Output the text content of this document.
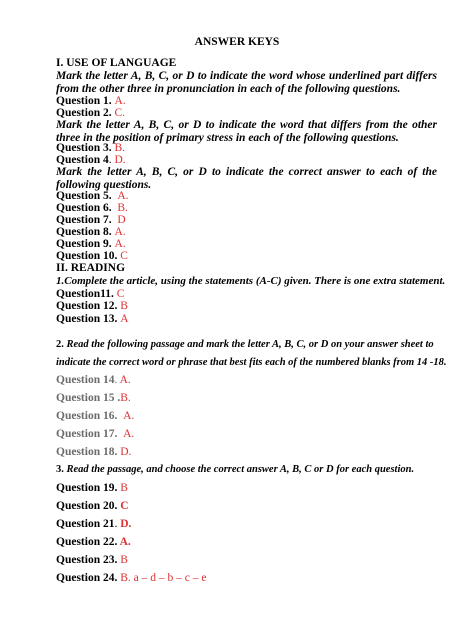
ANSWER KEYS
I. USE OF LANGUAGE
Mark the letter A, B, C, or D to indicate the word whose underlined part differs from the other three in pronunciation in each of the following questions.
Question 1. A.
Question 2. C.
Mark the letter A, B, C, or D to indicate the word that differs from the other three in the position of primary stress in each of the following questions.
Question 3. B.
Question 4. D.
Mark the letter A, B, C, or D to indicate the correct answer to each of the following questions.
Question 5. A.
Question 6. B.
Question 7. D
Question 8. A.
Question 9. A.
Question 10. C
II. READING
1.Complete the article, using the statements (A-C) given. There is one extra statement.
Question11. C
Question 12. B
Question 13. A
2. Read the following passage and mark the letter A, B, C, or D on your answer sheet to
indicate the correct word or phrase that best fits each of the numbered blanks from 14 -18.
Question 14. A.
Question 15 .B.
Question 16. A.
Question 17. A.
Question 18. D.
3. Read the passage, and choose the correct answer A, B, C or D for each question.
Question 19. B
Question 20. C
Question 21. D.
Question 22. A.
Question 23. B
Question 24. B. a – d – b – c – e
